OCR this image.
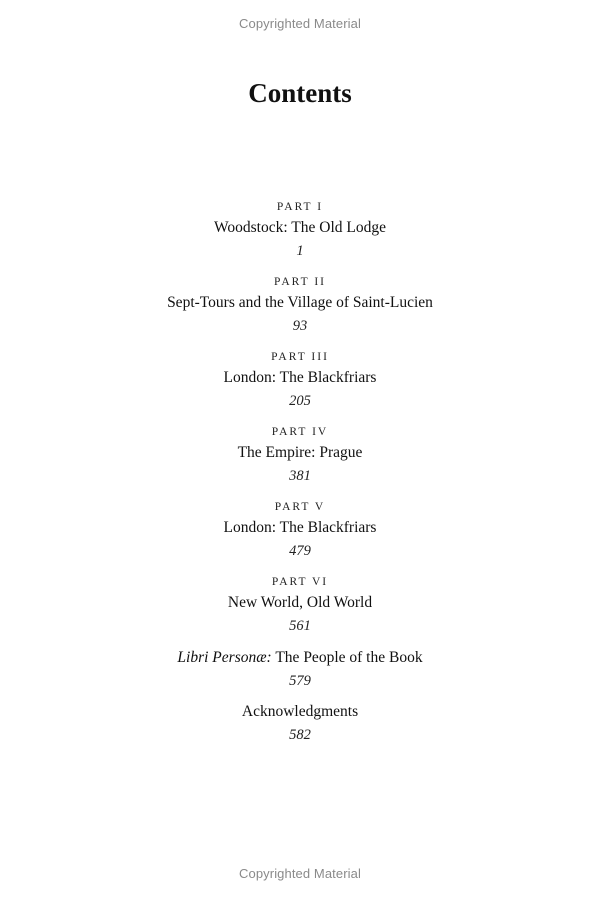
Copyrighted Material
Contents
PART I
Woodstock: The Old Lodge
1
PART II
Sept-Tours and the Village of Saint-Lucien
93
PART III
London: The Blackfriars
205
PART IV
The Empire: Prague
381
PART V
London: The Blackfriars
479
PART VI
New World, Old World
561
Libri Personæ: The People of the Book
579
Acknowledgments
582
Copyrighted Material
